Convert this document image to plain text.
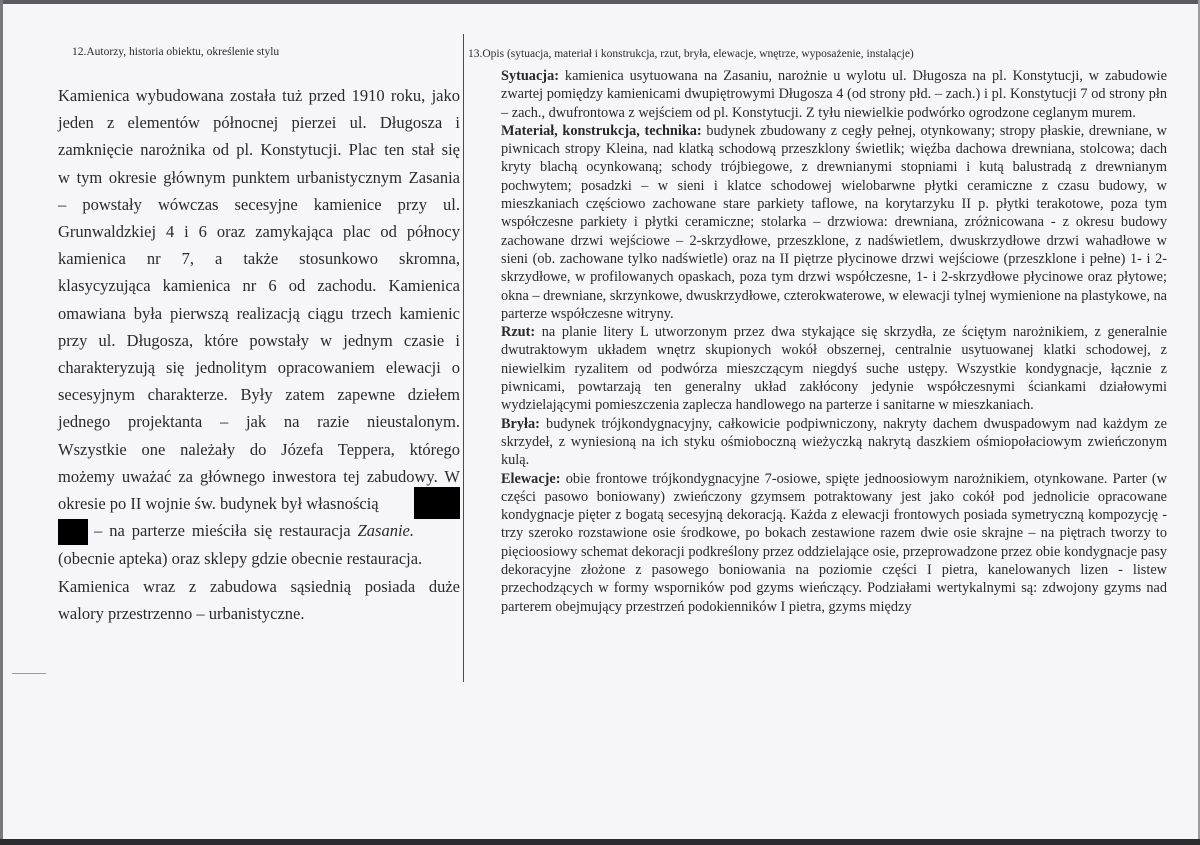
12.Autorzy, historia obiektu, określenie stylu

Kamienica wybudowana została tuż przed 1910 roku, jako

jeden z elementów północnej pierzei ul. Długosza i

zamknięcie narożnika od pl. Konstytucji. Plac ten stał się

w tym okresie głównym punktem urbanistycznym Zasania

– powstały wówczas secesyjne kamienice przy ul.

Grunwaldzkiej 4 i 6 oraz zamykająca plac od północy

kamienica nr 7, a także stosunkowo skromna,

klasycyzująca kamienica nr 6 od zachodu. Kamienica

omawiana była pierwszą realizacją ciągu trzech kamienic

przy ul. Długosza, które powstały w jednym czasie i

charakteryzują się jednolitym opracowaniem elewacji o

secesyjnym charakterze. Były zatem zapewne dziełem

jednego projektanta – jak na razie nieustalonym.

Wszystkie one należały do Józefa Teppera, którego

możemy uważać za głównego inwestora tej zabudowy. W

okresie po II wojnie św. budynek był własnością

– na parterze mieściła się restauracja Zasanie.

(obecnie apteka) oraz sklepy gdzie obecnie restauracja.

Kamienica wraz z zabudowa sąsiednią posiada duże

walory przestrzenno – urbanistyczne.

13.Opis (sytuacja, materiał i konstrukcja, rzut, bryła, elewacje, wnętrze, wyposażenie, instalącje)

Sytuacja: kamienica usytuowana na Zasaniu, narożnie u wylotu ul. Długosza na pl. Konstytucji, w zabudowie zwartej pomiędzy kamienicami dwupiętrowymi Długosza 4 (od strony płd. – zach.) i pl. Konstytucji 7 od strony płn – zach., dwufrontowa z wejściem od pl. Konstytucji. Z tyłu niewielkie podwórko ogrodzone ceglanym murem.

Materiał, konstrukcja, technika: budynek zbudowany z cegły pełnej, otynkowany; stropy płaskie, drewniane, w piwnicach stropy Kleina, nad klatką schodową przeszklony świetlik; więźba dachowa drewniana, stolcowa; dach kryty blachą ocynkowaną; schody trójbiegowe, z drewnianymi stopniami i kutą balustradą z drewnianym pochwytem; posadzki – w sieni i klatce schodowej wielobarwne płytki ceramiczne z czasu budowy, w mieszkaniach częściowo zachowane stare parkiety taflowe, na korytarzyku II p. płytki terakotowe, poza tym współczesne parkiety i płytki ceramiczne; stolarka – drzwiowa: drewniana, zróżnicowana - z okresu budowy zachowane drzwi wejściowe – 2-skrzydłowe, przeszklone, z nadświetlem, dwuskrzydłowe drzwi wahadłowe w sieni (ob. zachowane tylko nadświetle) oraz na II piętrze płycinowe drzwi wejściowe (przeszklone i pełne) 1- i 2-skrzydłowe, w profilowanych opaskach, poza tym drzwi współczesne, 1- i 2-skrzydłowe płycinowe oraz płytowe; okna – drewniane, skrzynkowe, dwuskrzydłowe, czterokwaterowe, w elewacji tylnej wymienione na plastykowe, na parterze współczesne witryny.

Rzut: na planie litery L utworzonym przez dwa stykające się skrzydła, ze ściętym narożnikiem, z generalnie dwutraktowym układem wnętrz skupionych wokół obszernej, centralnie usytuowanej klatki schodowej, z niewielkim ryzalitem od podwórza mieszczącym niegdyś suche ustępy. Wszystkie kondygnacje, łącznie z piwnicami, powtarzają ten generalny układ zakłócony jedynie współczesnymi ściankami działowymi wydzielającymi pomieszczenia zaplecza handlowego na parterze i sanitarne w mieszkaniach.

Bryła: budynek trójkondygnacyjny, całkowicie podpiwniczony, nakryty dachem dwuspadowym nad każdym ze skrzydeł, z wyniesioną na ich styku ośmioboczną wieżyczką nakrytą daszkiem ośmiopołaciowym zwieńczonym kulą.

Elewacje: obie frontowe trójkondygnacyjne 7-osiowe, spięte jednoosiowym narożnikiem, otynkowane. Parter (w części pasowo boniowany) zwieńczony gzymsem potraktowany jest jako cokół pod jednolicie opracowane kondygnacje pięter z bogatą secesyjną dekoracją. Każda z elewacji frontowych posiada symetryczną kompozycję - trzy szeroko rozstawione osie środkowe, po bokach zestawione razem dwie osie skrajne – na piętrach tworzy to pięcioosiowy schemat dekoracji podkreślony przez oddzielające osie, przeprowadzone przez obie kondygnacje pasy dekoracyjne złożone z pasowego boniowania na poziomie części I pietra, kanelowanych lizen - listew przechodzących w formy wsporników pod gzyms wieńczący. Podziałami wertykalnymi są: zdwojony gzyms nad parterem obejmujący przestrzeń podokienników I pietra, gzyms między
